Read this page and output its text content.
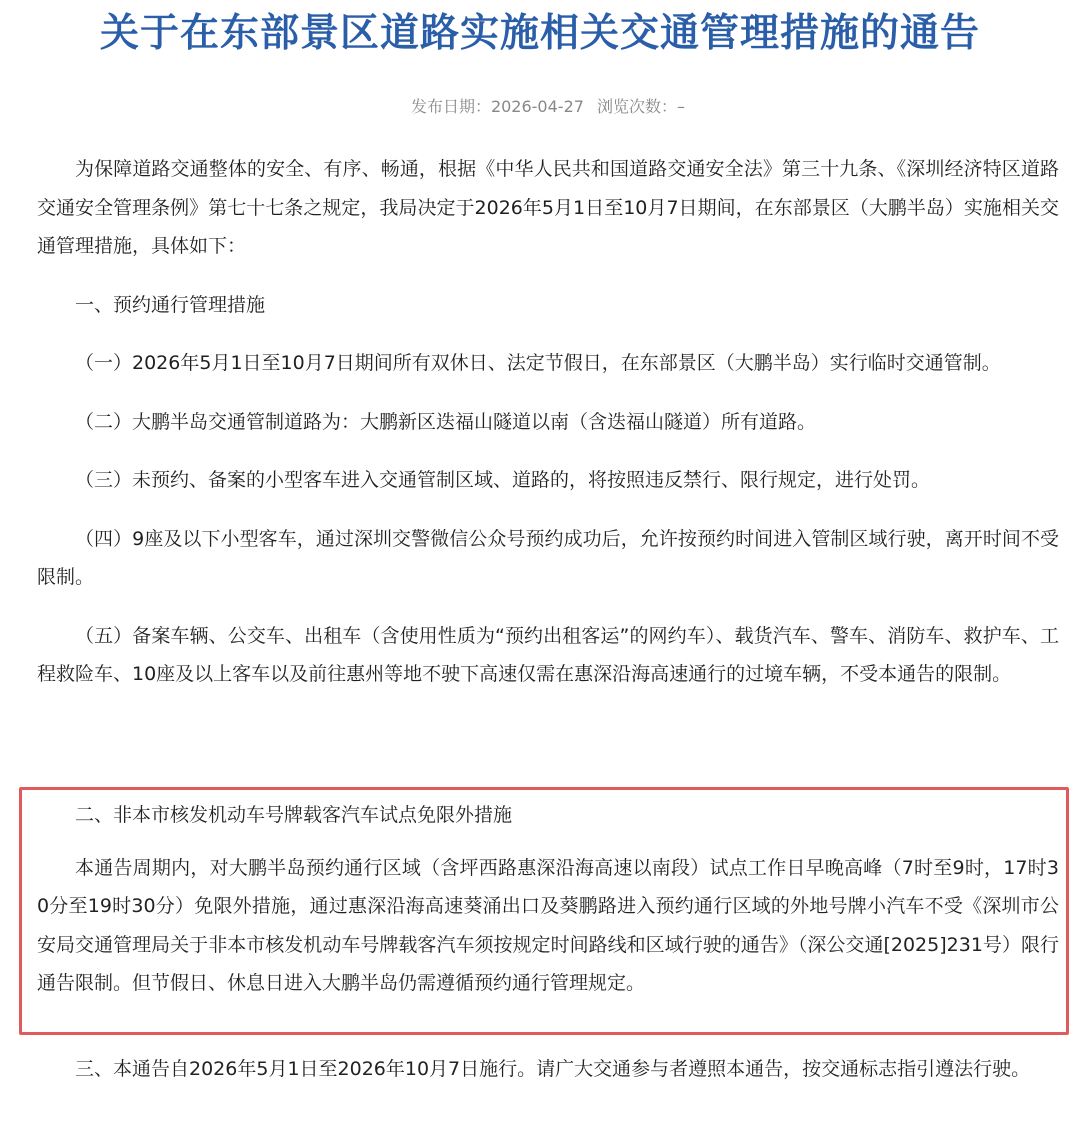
关于在东部景区道路实施相关交通管理措施的通告
发布日期：2026-04-27 浏览次数：–

为保障道路交通整体的安全、有序、畅通，根据《中华人民共和国道路交通安全法》第三十九条、《深圳经济特区道路交通安全管理条例》第七十七条之规定，我局决定于2026年5月1日至10月7日期间，在东部景区（大鹏半岛）实施相关交通管理措施，具体如下：

一、预约通行管理措施

（一）2026年5月1日至10月7日期间所有双休日、法定节假日，在东部景区（大鹏半岛）实行临时交通管制。

（二）大鹏半岛交通管制道路为：大鹏新区迭福山隧道以南（含迭福山隧道）所有道路。

（三）未预约、备案的小型客车进入交通管制区域、道路的，将按照违反禁行、限行规定，进行处罚。

（四）9座及以下小型客车，通过深圳交警微信公众号预约成功后，允许按预约时间进入管制区域行驶，离开时间不受限制。

（五）备案车辆、公交车、出租车（含使用性质为“预约出租客运”的网约车）、载货汽车、警车、消防车、救护车、工程救险车、10座及以上客车以及前往惠州等地不驶下高速仅需在惠深沿海高速通行的过境车辆，不受本通告的限制。

二、非本市核发机动车号牌载客汽车试点免限外措施

本通告周期内，对大鹏半岛预约通行区域（含坪西路惠深沿海高速以南段）试点工作日早晚高峰（7时至9时，17时30分至19时30分）免限外措施，通过惠深沿海高速葵涌出口及葵鹏路进入预约通行区域的外地号牌小汽车不受《深圳市公安局交通管理局关于非本市核发机动车号牌载客汽车须按规定时间路线和区域行驶的通告》（深公交通[2025]231号）限行通告限制。但节假日、休息日进入大鹏半岛仍需遵循预约通行管理规定。

三、本通告自2026年5月1日至2026年10月7日施行。请广大交通参与者遵照本通告，按交通标志指引遵法行驶。
